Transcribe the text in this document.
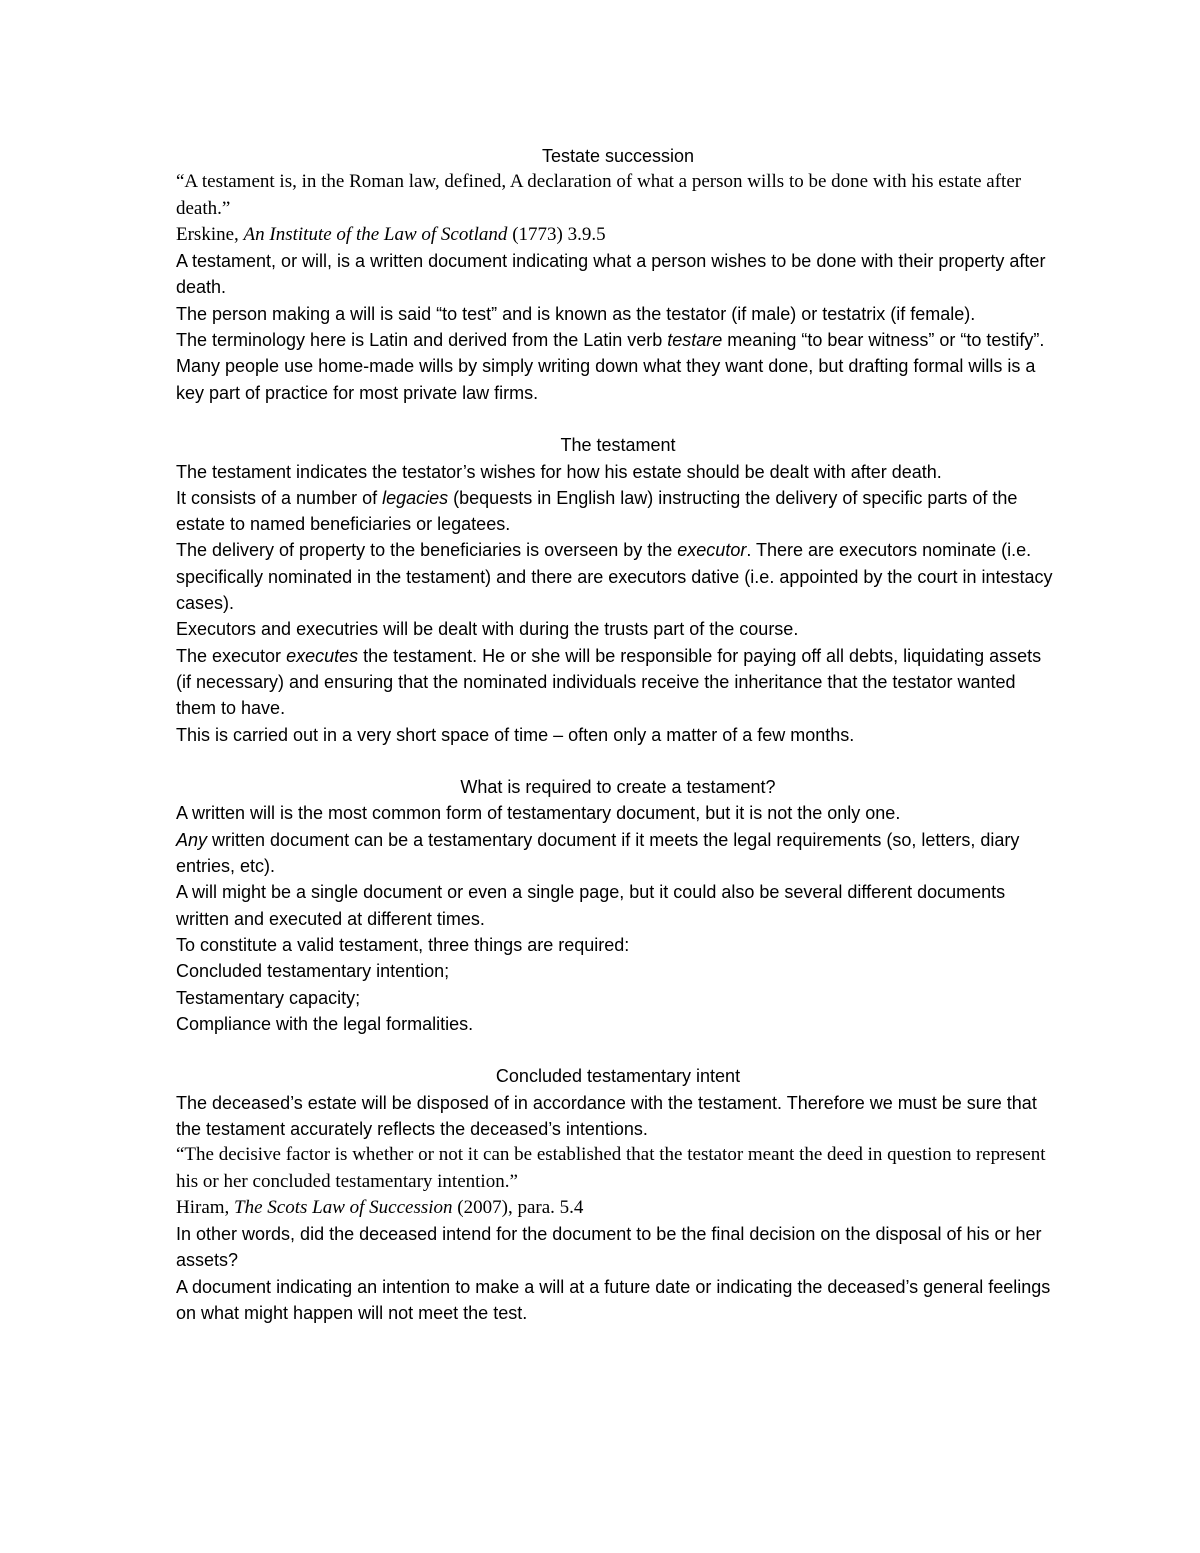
Testate succession

“A testament is, in the Roman law, defined, A declaration of what a person wills to be done with his estate after death.”

Erskine, An Institute of the Law of Scotland (1773) 3.9.5

A testament, or will, is a written document indicating what a person wishes to be done with their property after death.

The person making a will is said “to test” and is known as the testator (if male) or testatrix (if female).

The terminology here is Latin and derived from the Latin verb testare meaning “to bear witness” or “to testify”.

Many people use home-made wills by simply writing down what they want done, but drafting formal wills is a key part of practice for most private law firms.

The testament

The testament indicates the testator’s wishes for how his estate should be dealt with after death.

It consists of a number of legacies (bequests in English law) instructing the delivery of specific parts of the estate to named beneficiaries or legatees.

The delivery of property to the beneficiaries is overseen by the executor. There are executors nominate (i.e. specifically nominated in the testament) and there are executors dative (i.e. appointed by the court in intestacy cases).

Executors and executries will be dealt with during the trusts part of the course.

The executor executes the testament. He or she will be responsible for paying off all debts, liquidating assets (if necessary) and ensuring that the nominated individuals receive the inheritance that the testator wanted them to have.

This is carried out in a very short space of time – often only a matter of a few months.

What is required to create a testament?

A written will is the most common form of testamentary document, but it is not the only one.

Any written document can be a testamentary document if it meets the legal requirements (so, letters, diary entries, etc).

A will might be a single document or even a single page, but it could also be several different documents written and executed at different times.

To constitute a valid testament, three things are required:

Concluded testamentary intention;

Testamentary capacity;

Compliance with the legal formalities.

Concluded testamentary intent

The deceased’s estate will be disposed of in accordance with the testament. Therefore we must be sure that the testament accurately reflects the deceased’s intentions.

“The decisive factor is whether or not it can be established that the testator meant the deed in question to represent his or her concluded testamentary intention.”

Hiram, The Scots Law of Succession (2007), para. 5.4

In other words, did the deceased intend for the document to be the final decision on the disposal of his or her assets?

A document indicating an intention to make a will at a future date or indicating the deceased’s general feelings on what might happen will not meet the test.
